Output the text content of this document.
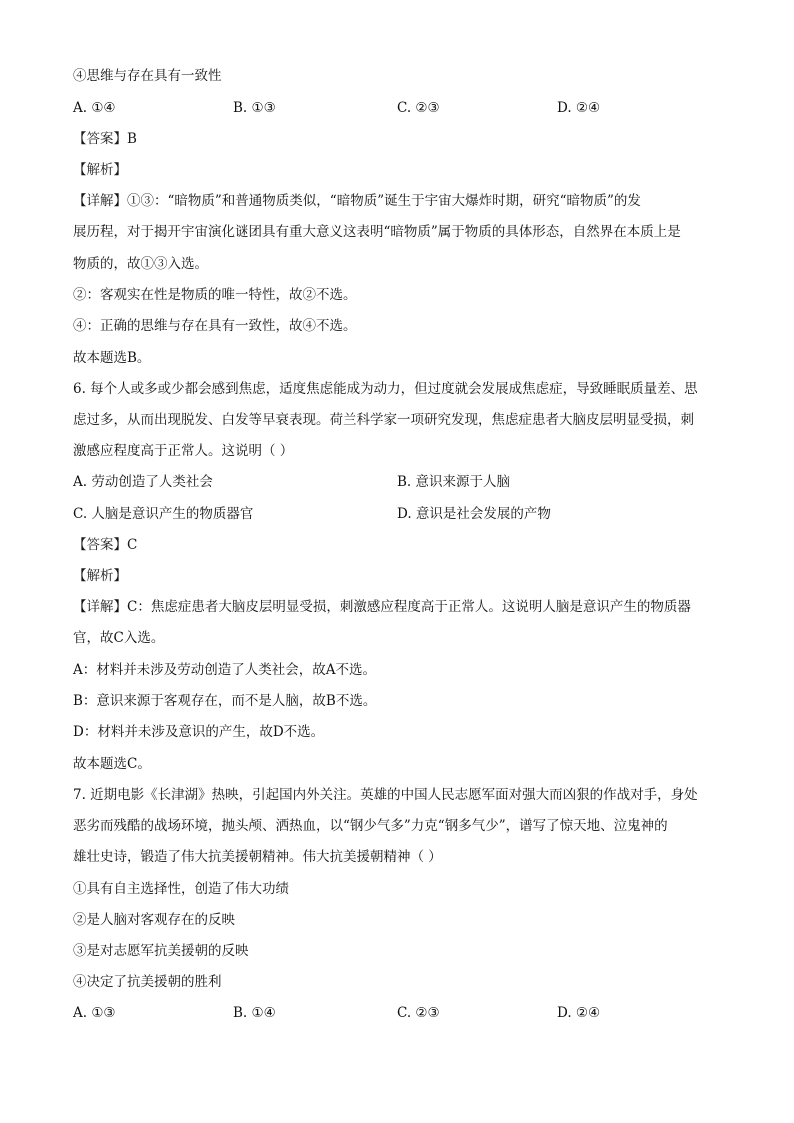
④思维与存在具有一致性
A. ①④	B. ①③	C. ②③	D. ②④
【答案】B
【解析】
【详解】①③：“暗物质”和普通物质类似，“暗物质”诞生于宇宙大爆炸时期，研究“暗物质”的发
展历程，对于揭开宇宙演化谜团具有重大意义这表明“暗物质”属于物质的具体形态，自然界在本质上是
物质的，故①③入选。
②：客观实在性是物质的唯一特性，故②不选。
④：正确的思维与存在具有一致性，故④不选。
故本题选B。
6. 每个人或多或少都会感到焦虑，适度焦虑能成为动力，但过度就会发展成焦虑症，导致睡眠质量差、思
虑过多，从而出现脱发、白发等早衰表现。荷兰科学家一项研究发现，焦虑症患者大脑皮层明显受损，刺
激感应程度高于正常人。这说明（ ）
A. 劳动创造了人类社会	B. 意识来源于人脑
C. 人脑是意识产生的物质器官	D. 意识是社会发展的产物
【答案】C
【解析】
【详解】C：焦虑症患者大脑皮层明显受损，刺激感应程度高于正常人。这说明人脑是意识产生的物质器
官，故C入选。
A：材料并未涉及劳动创造了人类社会，故A不选。
B：意识来源于客观存在，而不是人脑，故B不选。
D：材料并未涉及意识的产生，故D不选。
故本题选C。
7. 近期电影《长津湖》热映，引起国内外关注。英雄的中国人民志愿军面对强大而凶狠的作战对手，身处
恶劣而残酷的战场环境，抛头颅、洒热血，以“钢少气多”力克“钢多气少”，谱写了惊天地、泣鬼神的
雄壮史诗，锻造了伟大抗美援朝精神。伟大抗美援朝精神（ ）
①具有自主选择性，创造了伟大功绩
②是人脑对客观存在的反映
③是对志愿军抗美援朝的反映
④决定了抗美援朝的胜利
A. ①③	B. ①④	C. ②③	D. ②④
